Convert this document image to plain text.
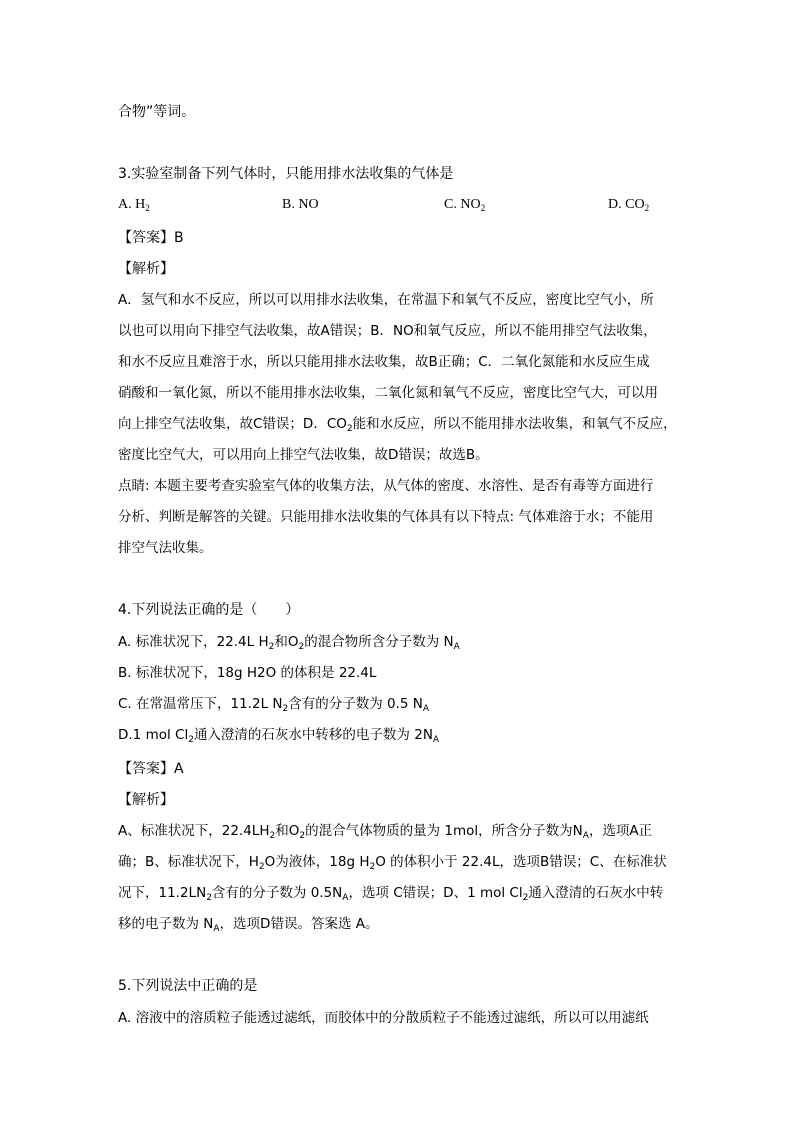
合物”等词。
3.实验室制备下列气体时，只能用排水法收集的气体是
A. $H_2$	B. NO	C. $NO_2$	D. $CO_2$
【答案】B
【解析】
A．氢气和水不反应，所以可以用排水法收集，在常温下和氧气不反应，密度比空气小，所
以也可以用向下排空气法收集，故A错误；B．NO和氧气反应，所以不能用排空气法收集，
和水不反应且难溶于水，所以只能用排水法收集，故B正确；C．二氧化氮能和水反应生成
硝酸和一氧化氮，所以不能用排水法收集，二氧化氮和氧气不反应，密度比空气大，可以用
向上排空气法收集，故C错误；D．$CO_2$能和水反应，所以不能用排水法收集，和氧气不反应，
密度比空气大，可以用向上排空气法收集，故D错误；故选B。
点睛: 本题主要考查实验室气体的收集方法，从气体的密度、水溶性、是否有毒等方面进行
分析、判断是解答的关键。只能用排水法收集的气体具有以下特点: 气体难溶于水；不能用
排空气法收集。
4.下列说法正确的是（　　）
A. 标准状况下，22.4L $H_2$和$O_2$的混合物所含分子数为 $N_A$
B. 标准状况下，18g H2O 的体积是 22.4L
C. 在常温常压下，11.2L $N_2$含有的分子数为 0.5 $N_A$
D.1 mol $Cl_2$通入澄清的石灰水中转移的电子数为 $2N_A$
【答案】A
【解析】
A、标准状况下，$22.4LH_2$和$O_2$的混合气体物质的量为 1mol，所含分子数为$N_A$，选项A正
确；B、标准状况下，$H_2O$为液体，18g $H_2O$ 的体积小于 22.4L，选项B错误；C、在标准状
况下，$11.2LN_2$含有的分子数为 $0.5N_A$，选项 C错误；D、1 mol $Cl_2$通入澄清的石灰水中转
移的电子数为 $N_A$，选项D错误。答案选 A。
5.下列说法中正确的是
A. 溶液中的溶质粒子能透过滤纸，而胶体中的分散质粒子不能透过滤纸，所以可以用滤纸
